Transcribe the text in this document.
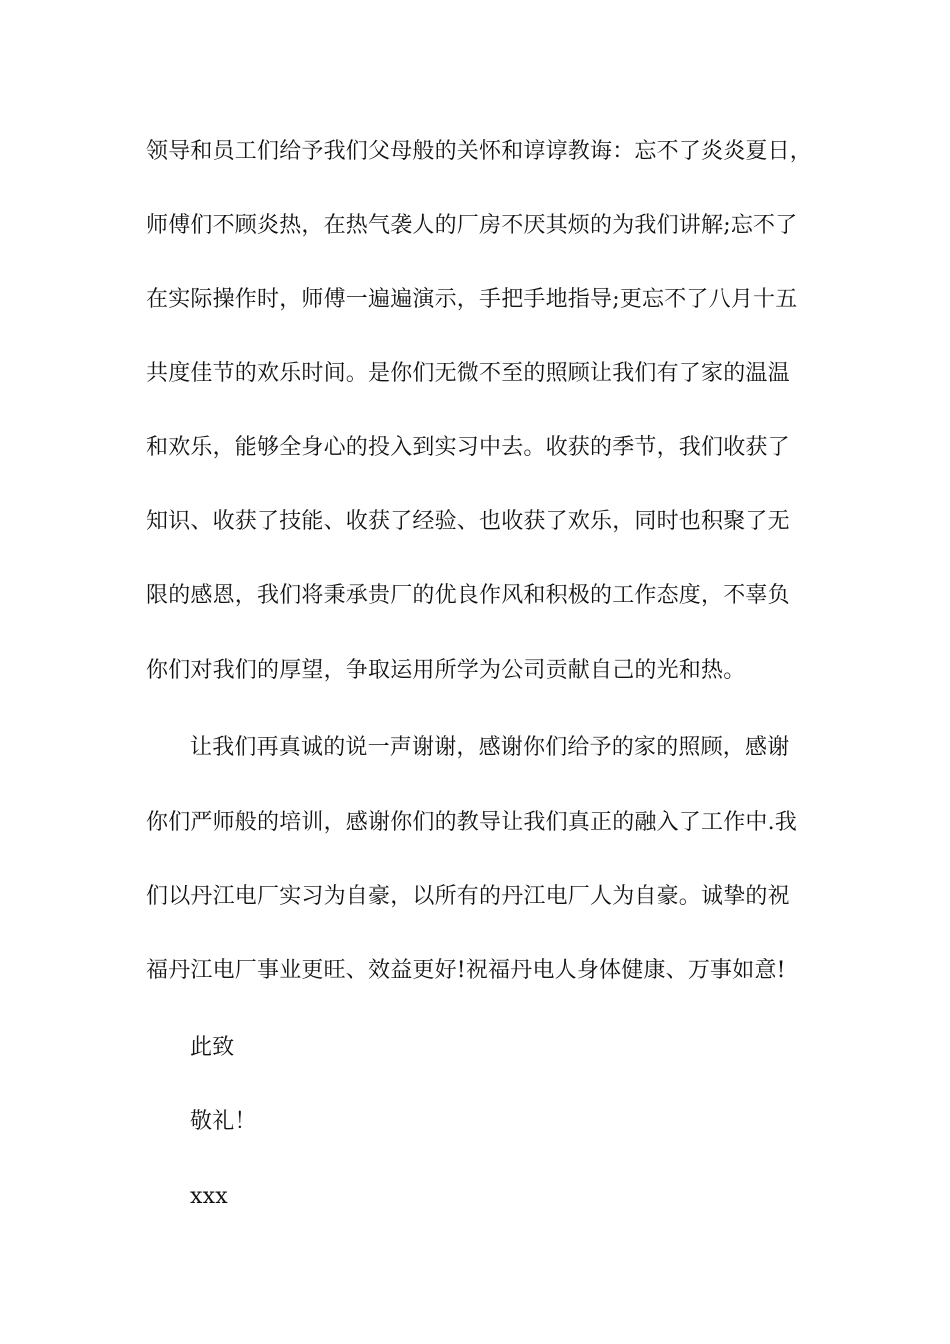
领导和员工们给予我们父母般的关怀和谆谆教诲：忘不了炎炎夏日，
师傅们不顾炎热，在热气袭人的厂房不厌其烦的为我们讲解;忘不了
在实际操作时，师傅一遍遍演示，手把手地指导;更忘不了八月十五
共度佳节的欢乐时间。是你们无微不至的照顾让我们有了家的温温
和欢乐，能够全身心的投入到实习中去。收获的季节，我们收获了
知识、收获了技能、收获了经验、也收获了欢乐，同时也积聚了无
限的感恩，我们将秉承贵厂的优良作风和积极的工作态度，不辜负
你们对我们的厚望，争取运用所学为公司贡献自己的光和热。
让我们再真诚的说一声谢谢，感谢你们给予的家的照顾，感谢
你们严师般的培训，感谢你们的教导让我们真正的融入了工作中.我
们以丹江电厂实习为自豪，以所有的丹江电厂人为自豪。诚挚的祝
福丹江电厂事业更旺、效益更好!祝福丹电人身体健康、万事如意!
此致
敬礼！
xxx
